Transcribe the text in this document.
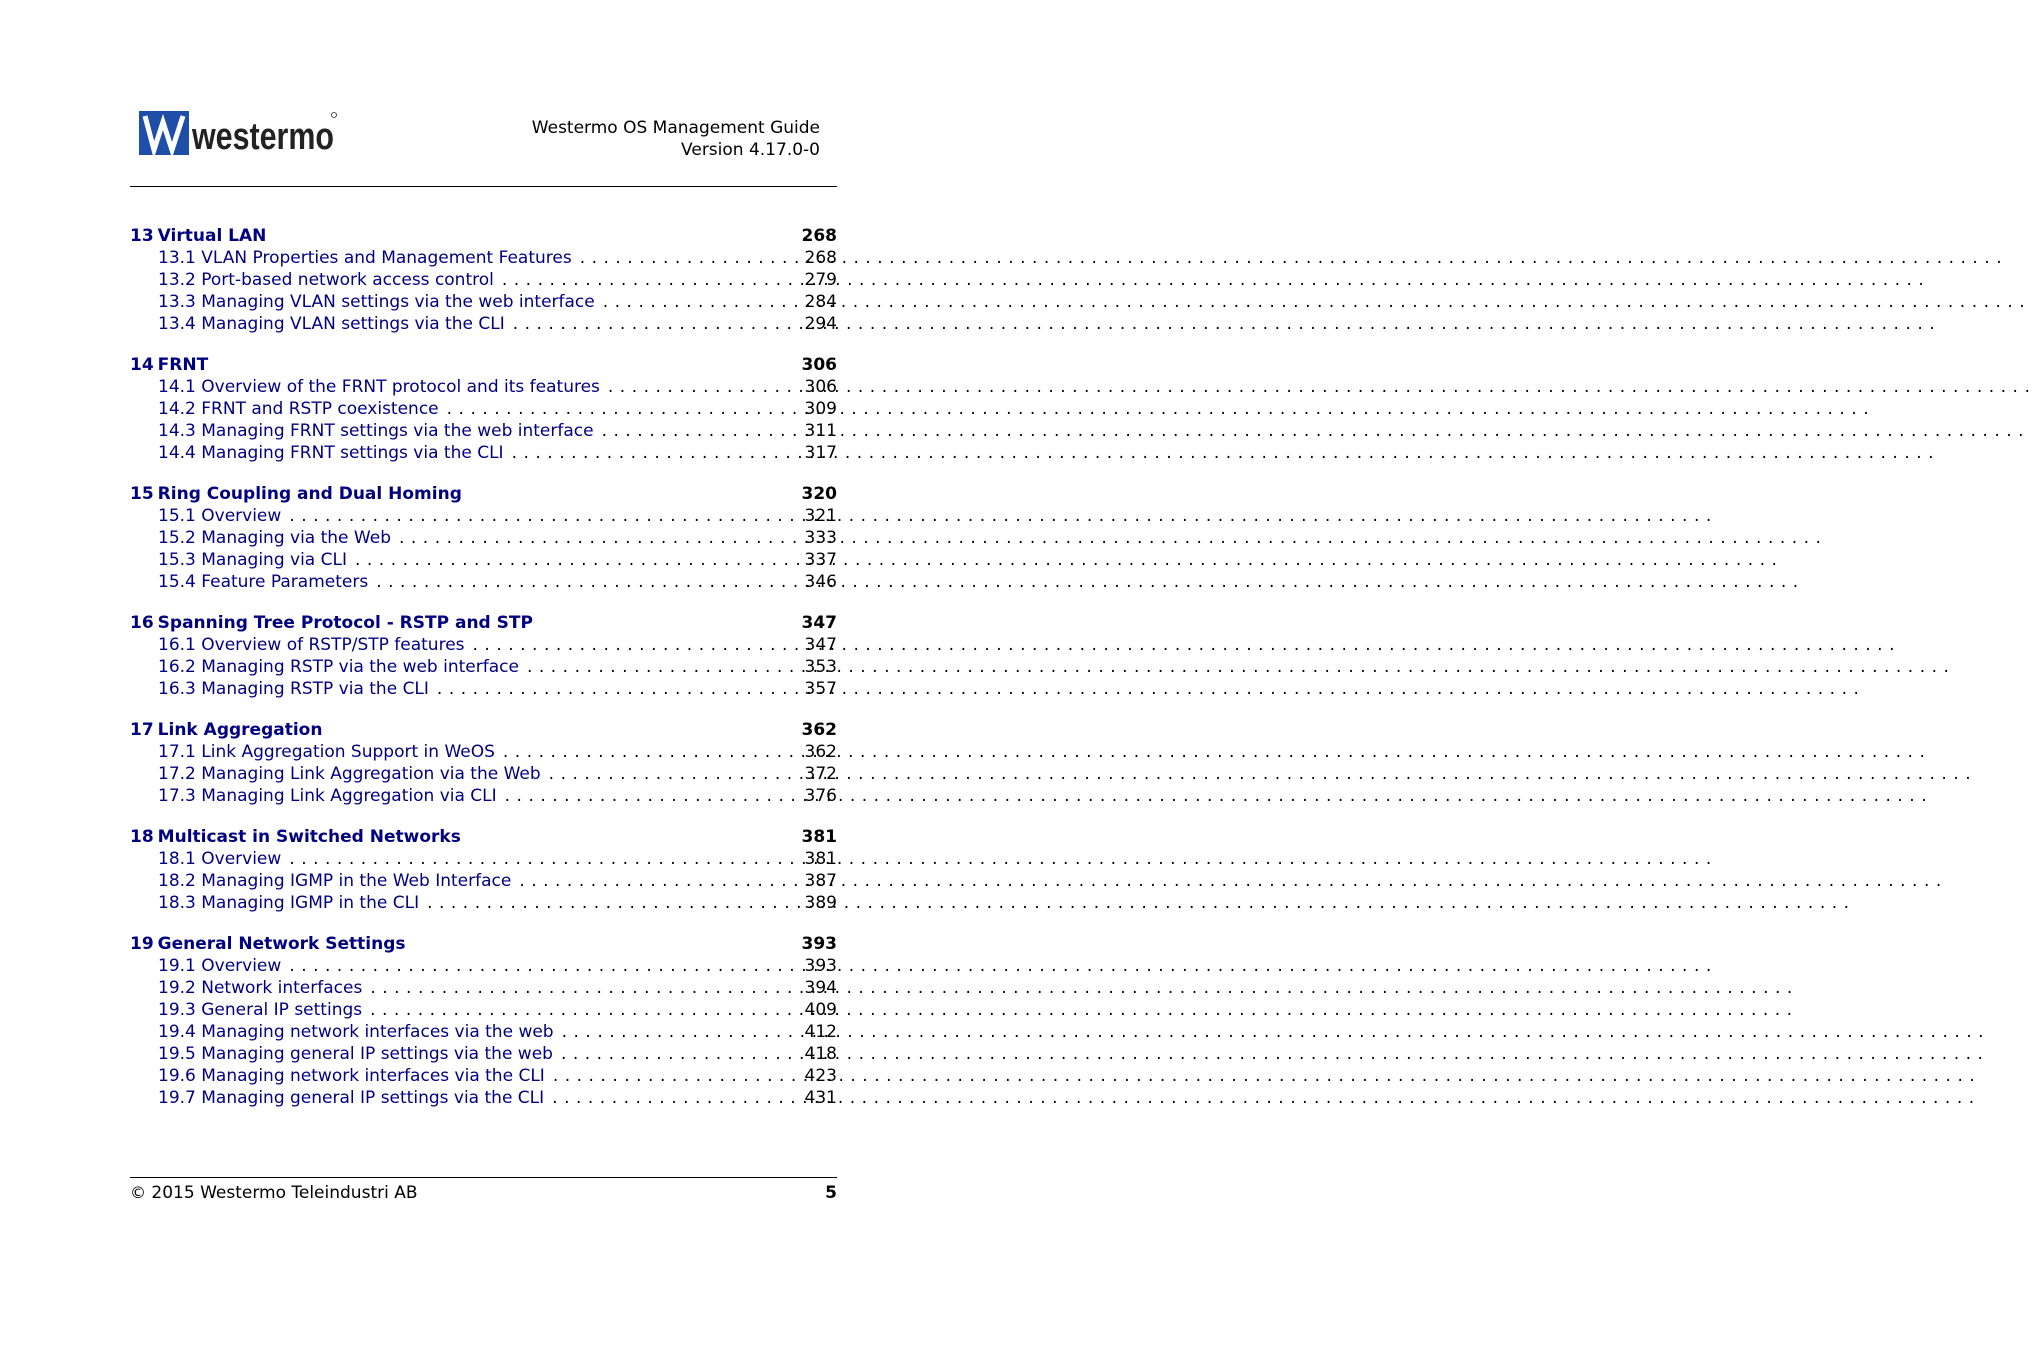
westermo	Westermo OS Management Guide
Version 4.17.0-0
13 Virtual LAN	268
13.1 VLAN Properties and Management Features .....	268
13.2 Port-based network access control .....	279
13.3 Managing VLAN settings via the web interface .....	284
13.4 Managing VLAN settings via the CLI .....	294
14 FRNT	306
14.1 Overview of the FRNT protocol and its features .....	306
14.2 FRNT and RSTP coexistence .....	309
14.3 Managing FRNT settings via the web interface .....	311
14.4 Managing FRNT settings via the CLI .....	317
15 Ring Coupling and Dual Homing	320
15.1 Overview .....	321
15.2 Managing via the Web .....	333
15.3 Managing via CLI .....	337
15.4 Feature Parameters .....	346
16 Spanning Tree Protocol - RSTP and STP	347
16.1 Overview of RSTP/STP features .....	347
16.2 Managing RSTP via the web interface .....	353
16.3 Managing RSTP via the CLI .....	357
17 Link Aggregation	362
17.1 Link Aggregation Support in WeOS .....	362
17.2 Managing Link Aggregation via the Web .....	372
17.3 Managing Link Aggregation via CLI .....	376
18 Multicast in Switched Networks	381
18.1 Overview .....	381
18.2 Managing IGMP in the Web Interface .....	387
18.3 Managing IGMP in the CLI .....	389
19 General Network Settings	393
19.1 Overview .....	393
19.2 Network interfaces .....	394
19.3 General IP settings .....	409
19.4 Managing network interfaces via the web .....	412
19.5 Managing general IP settings via the web .....	418
19.6 Managing network interfaces via the CLI .....	423
19.7 Managing general IP settings via the CLI .....	431
© 2015 Westermo Teleindustri AB	5
